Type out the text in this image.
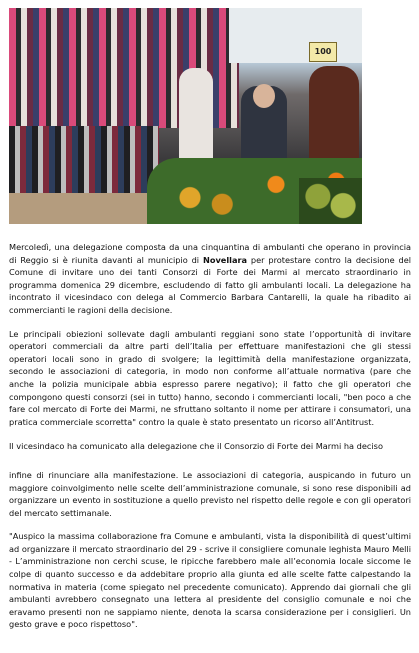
100

Mercoledì, una delegazione composta da una cinquantina di ambulanti che operano in provincia di Reggio si è riunita davanti al municipio di Novellara per protestare contro la decisione del Comune di invitare uno dei tanti Consorzi di Forte dei Marmi al mercato straordinario in programma domenica 29 dicembre, escludendo di fatto gli ambulanti locali. La delegazione ha incontrato il vicesindaco con delega al Commercio Barbara Cantarelli, la quale ha ribadito ai commercianti le ragioni della decisione.

Le principali obiezioni sollevate dagli ambulanti reggiani sono state l’opportunità di invitare operatori commerciali da altre parti dell’Italia per effettuare manifestazioni che gli stessi operatori locali sono in grado di svolgere; la legittimità della manifestazione organizzata, secondo le associazioni di categoria, in modo non conforme all’attuale normativa (pare che anche la polizia municipale abbia espresso parere negativo); il fatto che gli operatori che compongono questi consorzi (sei in tutto) hanno, secondo i commercianti locali, "ben poco a che fare col mercato di Forte dei Marmi, ne sfruttano soltanto il nome per attirare i consumatori, una pratica commerciale scorretta" contro la quale è stato presentato un ricorso all’Antitrust.

Il vicesindaco ha comunicato alla delegazione che il Consorzio di Forte dei Marmi ha deciso

infine di rinunciare alla manifestazione. Le associazioni di categoria, auspicando in futuro un maggiore coinvolgimento nelle scelte dell’amministrazione comunale, si sono rese disponibili ad organizzare un evento in sostituzione a quello previsto nel rispetto delle regole e con gli operatori del mercato settimanale.

"Auspico la massima collaborazione fra Comune e ambulanti, vista la disponibilità di quest’ultimi ad organizzare il mercato straordinario del 29 - scrive il consigliere comunale leghista Mauro Melli - L’amministrazione non cerchi scuse, le ripicche farebbero male all’economia locale siccome le colpe di quanto successo e da addebitare proprio alla giunta ed alle scelte fatte calpestando la normativa in materia (come spiegato nel precedente comunicato). Apprendo dai giornali che gli ambulanti avrebbero consegnato una lettera al presidente del consiglio comunale e noi che eravamo presenti non ne sappiamo niente, denota la scarsa considerazione per i consiglieri. Un gesto grave e poco rispettoso".
